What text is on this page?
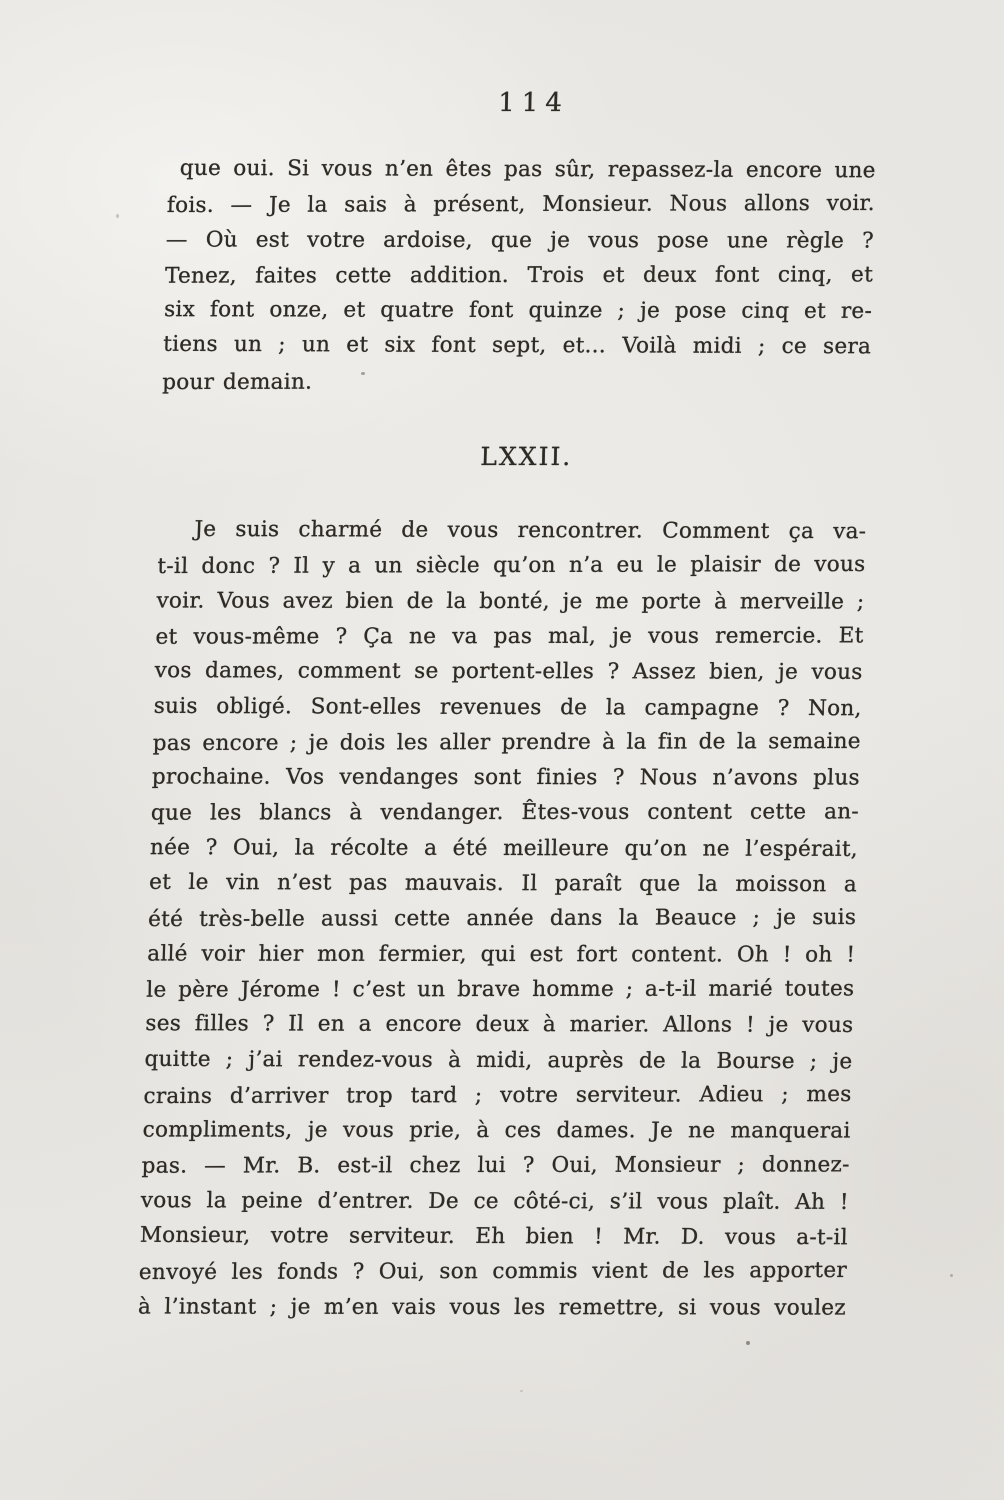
114
que oui. Si vous n’en êtes pas sûr, repassez-la encore une
fois. — Je la sais à présent, Monsieur. Nous allons voir.
— Où est votre ardoise, que je vous pose une règle ?
Tenez, faites cette addition. Trois et deux font cinq, et
six font onze, et quatre font quinze ; je pose cinq et re-
tiens un ; un et six font sept, et... Voilà midi ; ce sera
pour demain.
LXXII.
Je suis charmé de vous rencontrer. Comment ça va-
t-il donc ? Il y a un siècle qu’on n’a eu le plaisir de vous
voir. Vous avez bien de la bonté, je me porte à merveille ;
et vous-même ? Ça ne va pas mal, je vous remercie. Et
vos dames, comment se portent-elles ? Assez bien, je vous
suis obligé. Sont-elles revenues de la campagne ? Non,
pas encore ; je dois les aller prendre à la fin de la semaine
prochaine. Vos vendanges sont finies ? Nous n’avons plus
que les blancs à vendanger. Êtes-vous content cette an-
née ? Oui, la récolte a été meilleure qu’on ne l’espérait,
et le vin n’est pas mauvais. Il paraît que la moisson a
été très-belle aussi cette année dans la Beauce ; je suis
allé voir hier mon fermier, qui est fort content. Oh ! oh !
le père Jérome ! c’est un brave homme ; a-t-il marié toutes
ses filles ? Il en a encore deux à marier. Allons ! je vous
quitte ; j’ai rendez-vous à midi, auprès de la Bourse ; je
crains d’arriver trop tard ; votre serviteur. Adieu ; mes
compliments, je vous prie, à ces dames. Je ne manquerai
pas. — Mr. B. est-il chez lui ? Oui, Monsieur ; donnez-
vous la peine d’entrer. De ce côté-ci, s’il vous plaît. Ah !
Monsieur, votre serviteur. Eh bien ! Mr. D. vous a-t-il
envoyé les fonds ? Oui, son commis vient de les apporter
à l’instant ; je m’en vais vous les remettre, si vous voulez
